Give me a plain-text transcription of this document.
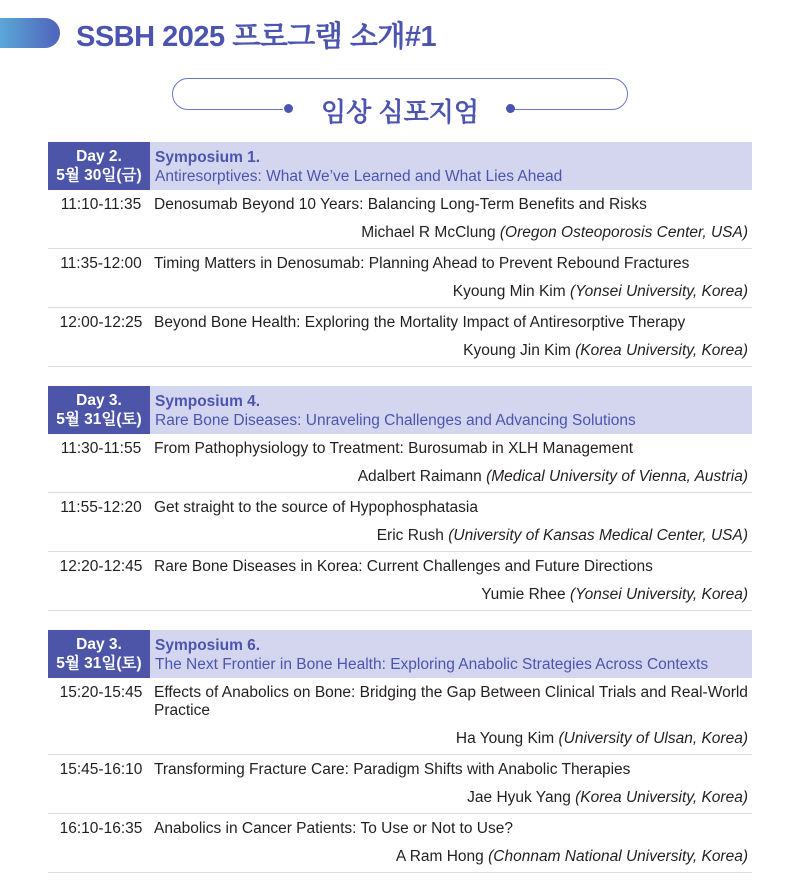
SSBH 2025 프로그램 소개#1
임상 심포지엄
Day 2.
5월 30일(금)
Symposium 1.
Antiresorptives: What We’ve Learned and What Lies Ahead
11:10-11:35 Denosumab Beyond 10 Years: Balancing Long-Term Benefits and Risks
Michael R McClung (Oregon Osteoporosis Center, USA)
11:35-12:00 Timing Matters in Denosumab: Planning Ahead to Prevent Rebound Fractures
Kyoung Min Kim (Yonsei University, Korea)
12:00-12:25 Beyond Bone Health: Exploring the Mortality Impact of Antiresorptive Therapy
Kyoung Jin Kim (Korea University, Korea)
Day 3.
5월 31일(토)
Symposium 4.
Rare Bone Diseases: Unraveling Challenges and Advancing Solutions
11:30-11:55 From Pathophysiology to Treatment: Burosumab in XLH Management
Adalbert Raimann (Medical University of Vienna, Austria)
11:55-12:20 Get straight to the source of Hypophosphatasia
Eric Rush (University of Kansas Medical Center, USA)
12:20-12:45 Rare Bone Diseases in Korea: Current Challenges and Future Directions
Yumie Rhee (Yonsei University, Korea)
Day 3.
5월 31일(토)
Symposium 6.
The Next Frontier in Bone Health: Exploring Anabolic Strategies Across Contexts
15:20-15:45 Effects of Anabolics on Bone: Bridging the Gap Between Clinical Trials and Real-World Practice
Ha Young Kim (University of Ulsan, Korea)
15:45-16:10 Transforming Fracture Care: Paradigm Shifts with Anabolic Therapies
Jae Hyuk Yang (Korea University, Korea)
16:10-16:35 Anabolics in Cancer Patients: To Use or Not to Use?
A Ram Hong (Chonnam National University, Korea)
